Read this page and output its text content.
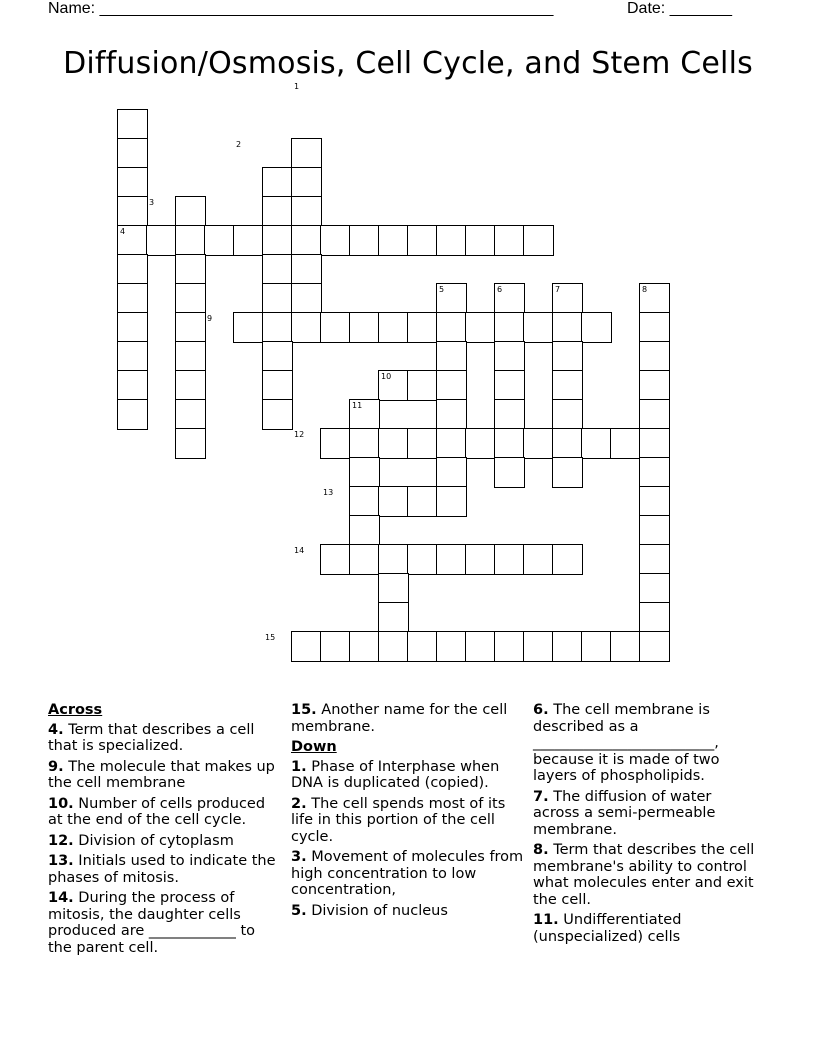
Name: ___________________________________________________	Date: _______
Diffusion/Osmosis, Cell Cycle, and Stem Cells
1
2
3
4
5	6	7	8
9
10
11
12
13
14
15
Across
4. Term that describes a cell that is specialized.
9. The molecule that makes up the cell membrane
10. Number of cells produced at the end of the cell cycle.
12. Division of cytoplasm
13. Initials used to indicate the phases of mitosis.
14. During the process of mitosis, the daughter cells produced are ____________ to the parent cell.
15. Another name for the cell membrane.
Down
1. Phase of Interphase when DNA is duplicated (copied).
2. The cell spends most of its life in this portion of the cell cycle.
3. Movement of molecules from high concentration to low concentration,
5. Division of nucleus
6. The cell membrane is described as a _________________________, because it is made of two layers of phospholipids.
7. The diffusion of water across a semi-permeable membrane.
8. Term that describes the cell membrane's ability to control what molecules enter and exit the cell.
11. Undifferentiated (unspecialized) cells
